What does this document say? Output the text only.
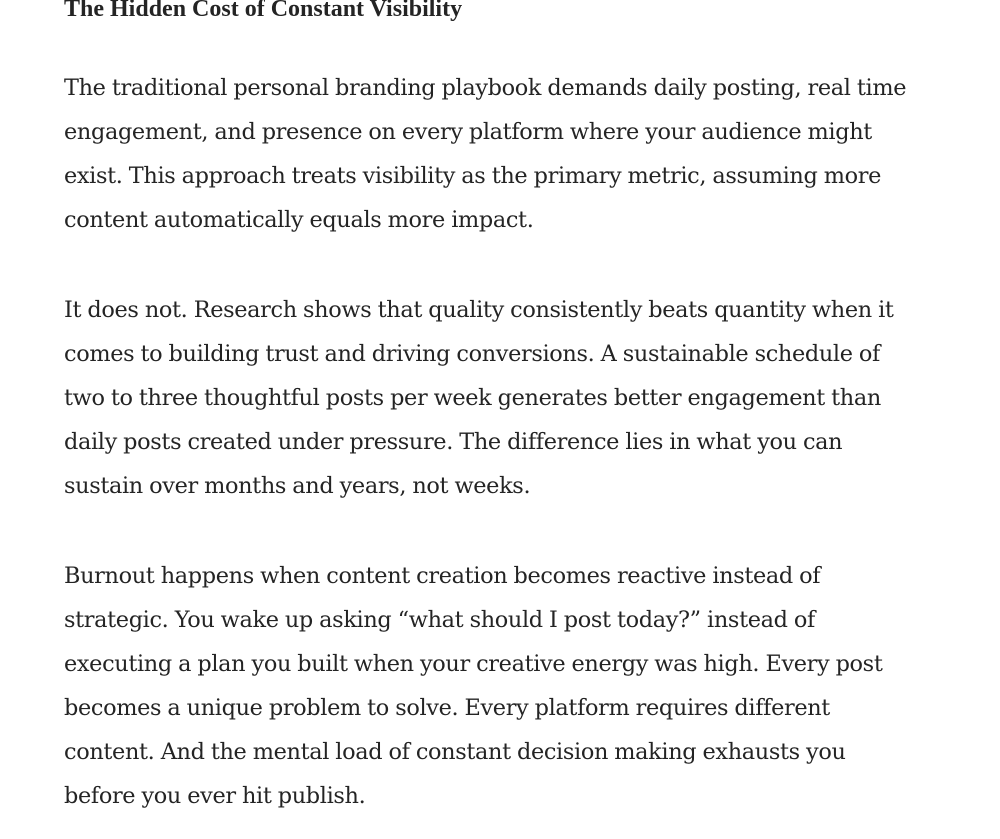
The Hidden Cost of Constant Visibility

The traditional personal branding playbook demands daily posting, real time
engagement, and presence on every platform where your audience might
exist. This approach treats visibility as the primary metric, assuming more
content automatically equals more impact.

It does not. Research shows that quality consistently beats quantity when it
comes to building trust and driving conversions. A sustainable schedule of
two to three thoughtful posts per week generates better engagement than
daily posts created under pressure. The difference lies in what you can
sustain over months and years, not weeks.

Burnout happens when content creation becomes reactive instead of
strategic. You wake up asking “what should I post today?” instead of
executing a plan you built when your creative energy was high. Every post
becomes a unique problem to solve. Every platform requires different
content. And the mental load of constant decision making exhausts you
before you ever hit publish.
